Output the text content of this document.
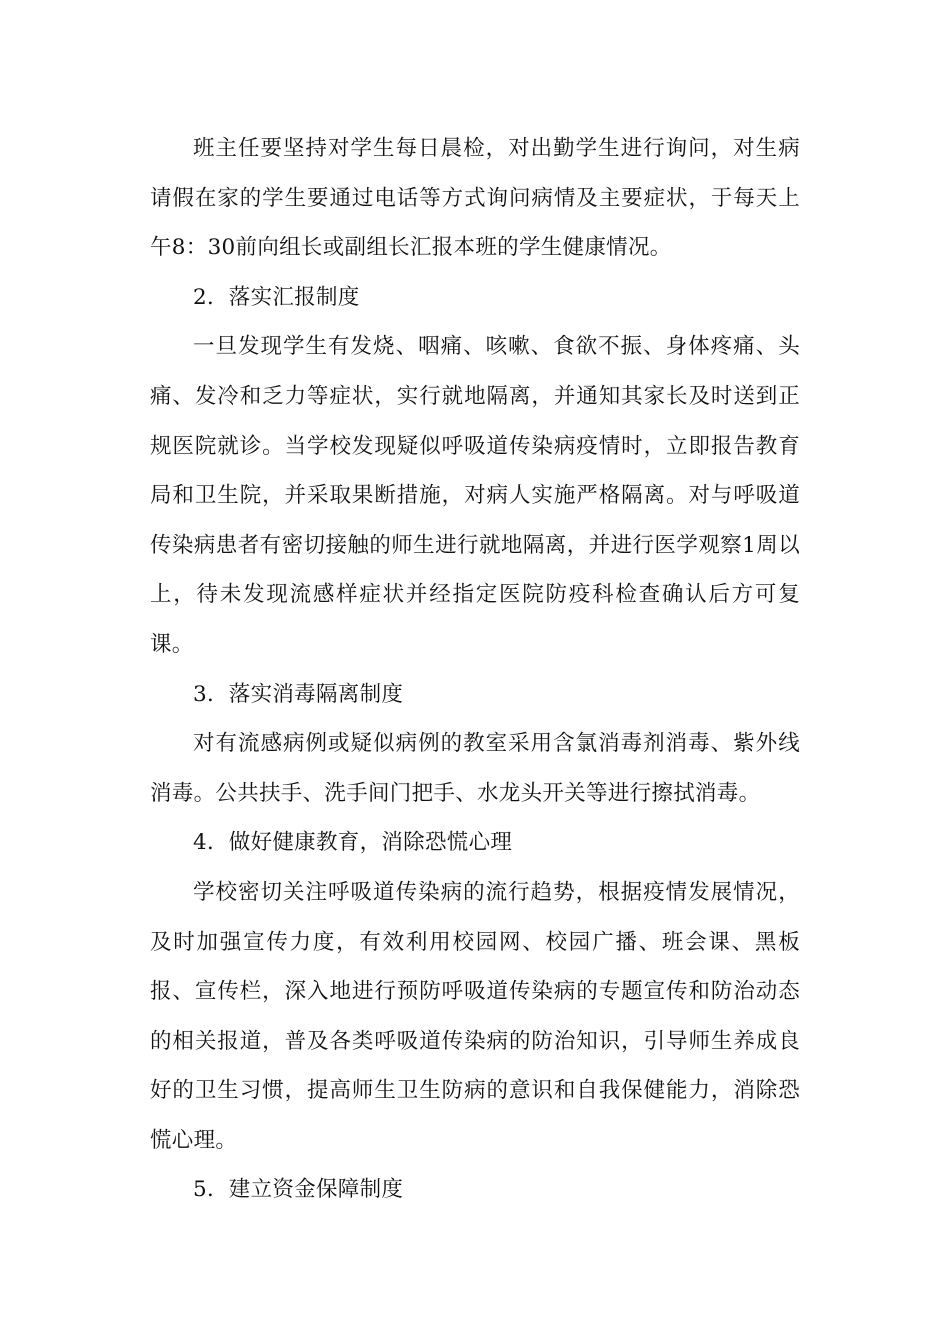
班主任要坚持对学生每日晨检，对出勤学生进行询问，对生病请假在家的学生要通过电话等方式询问病情及主要症状，于每天上午8：30前向组长或副组长汇报本班的学生健康情况。

2．落实汇报制度

一旦发现学生有发烧、咽痛、咳嗽、食欲不振、身体疼痛、头痛、发冷和乏力等症状，实行就地隔离，并通知其家长及时送到正规医院就诊。当学校发现疑似呼吸道传染病疫情时，立即报告教育局和卫生院，并采取果断措施，对病人实施严格隔离。对与呼吸道传染病患者有密切接触的师生进行就地隔离，并进行医学观察1周以上，待未发现流感样症状并经指定医院防疫科检查确认后方可复课。

3．落实消毒隔离制度

对有流感病例或疑似病例的教室采用含氯消毒剂消毒、紫外线消毒。公共扶手、洗手间门把手、水龙头开关等进行擦拭消毒。

4．做好健康教育，消除恐慌心理

学校密切关注呼吸道传染病的流行趋势，根据疫情发展情况，及时加强宣传力度，有效利用校园网、校园广播、班会课、黑板报、宣传栏，深入地进行预防呼吸道传染病的专题宣传和防治动态的相关报道，普及各类呼吸道传染病的防治知识，引导师生养成良好的卫生习惯，提高师生卫生防病的意识和自我保健能力，消除恐慌心理。

5．建立资金保障制度
